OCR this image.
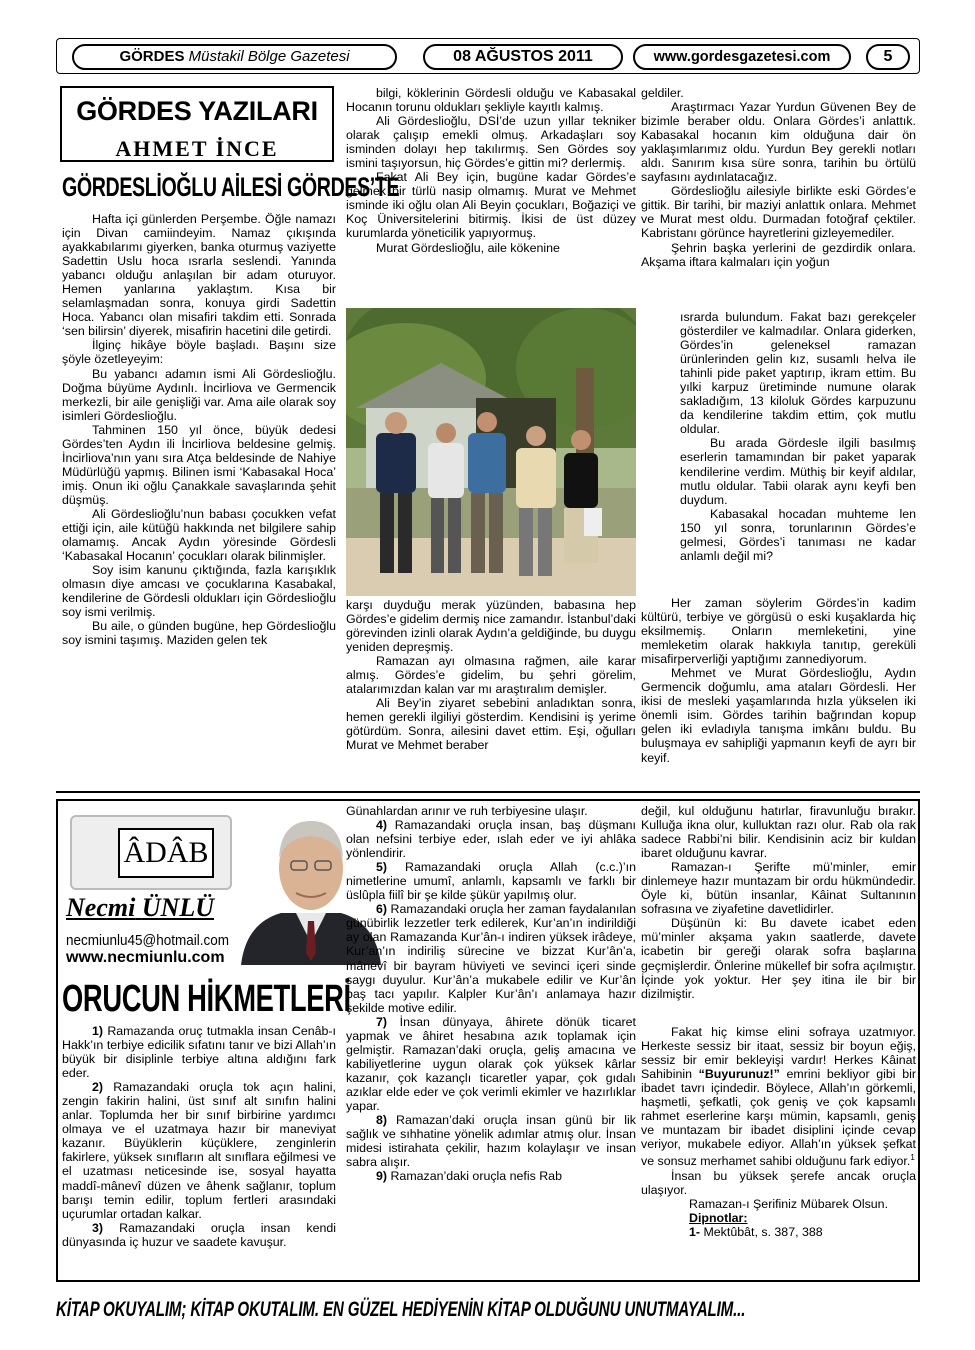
GÖRDES Müstakil Bölge Gazetesi	08 AĞUSTOS 2011	www.gordesgazetesi.com	5
GÖRDES YAZILARI
AHMET İNCE
GÖRDESLİOĞLU AİLESİ GÖRDES’TE

Hafta içi günlerden Perşembe. Öğle namazı için Divan camiindeyim. Namaz çıkışında ayakkabılarımı giyerken, banka oturmuş vaziyette Sadettin Uslu hoca ısrarla seslendi. Yanında yabancı olduğu anlaşılan bir adam oturuyor. Hemen yanlarına yaklaştım. Kısa bir selamlaşmadan sonra, konuya girdi Sadettin Hoca. Yabancı olan misafiri takdim etti. Sonrada ‘sen bilirsin’ diyerek, misafirin hacetini dile getirdi.

İlginç hikâye böyle başladı. Başını size şöyle özetleyeyim:

Bu yabancı adamın ismi Ali Gördeslioğlu. Doğma büyüme Aydınlı. İncirliova ve Germencik merkezli, bir aile genişliği var. Ama aile olarak soy isimleri Gördeslioğlu.

Tahminen 150 yıl önce, büyük dedesi Gördes’ten Aydın ili İncirliova beldesine gelmiş. İncirliova’nın yanı sıra Atça beldesinde de Nahiye Müdürlüğü yapmış. Bilinen ismi ‘Kabasakal Hoca’ imiş. Onun iki oğlu Çanakkale savaşlarında şehit düşmüş.

Ali Gördeslioğlu’nun babası çocukken vefat ettiği için, aile kütüğü hakkında net bilgilere sahip olamamış. Ancak Aydın yöresinde Gördesli ‘Kabasakal Hocanın’ çocukları olarak bilinmişler.

Soy isim kanunu çıktığında, fazla karışıklık olmasın diye amcası ve çocuklarına Kasabakal, kendilerine de Gördesli oldukları için Gördeslioğlu soy ismi verilmiş.

Bu aile, o günden bugüne, hep Gördeslioğlu soy ismini taşımış. Maziden gelen tek

bilgi, köklerinin Gördesli olduğu ve Kabasakal Hocanın torunu oldukları şekliyle kayıtlı kalmış.

Ali Gördeslioğlu, DSİ’de uzun yıllar tekniker olarak çalışıp emekli olmuş. Arkadaşları soy isminden dolayı hep takılırmış. Sen Gördes soy ismini taşıyorsun, hiç Gördes’e gittin mi? derlermiş.

Fakat Ali Bey için, bugüne kadar Gördes’e gelmek bir türlü nasip olmamış. Murat ve Mehmet isminde iki oğlu olan Ali Beyin çocukları, Boğaziçi ve Koç Üniversitelerini bitirmiş. İkisi de üst düzey kurumlarda yöneticilik yapıyormuş.

Murat Gördeslioğlu, aile kökenine

karşı duyduğu merak yüzünden, babasına hep Gördes’e gidelim dermiş nice zamandır. İstanbul’daki görevinden izinli olarak Aydın’a geldiğinde, bu duygu yeniden depreşmiş.

Ramazan ayı olmasına rağmen, aile karar almış. Gördes’e gidelim, bu şehri görelim, atalarımızdan kalan var mı araştıralım demişler.

Ali Bey’in ziyaret sebebini anladıktan sonra, hemen gerekli ilgiliyi gösterdim. Kendisini iş yerime götürdüm. Sonra, ailesini davet ettim. Eşi, oğulları Murat ve Mehmet beraber

geldiler.

Araştırmacı Yazar Yurdun Güvenen Bey de bizimle beraber oldu. Onlara Gördes’i anlattık. Kabasakal hocanın kim olduğuna dair ön yaklaşımlarımız oldu. Yurdun Bey gerekli notları aldı. Sanırım kısa süre sonra, tarihin bu örtülü sayfasını aydınlatacağız.

Gördeslioğlu ailesiyle birlikte eski Gördes’e gittik. Bir tarihi, bir maziyi anlattık onlara. Mehmet ve Murat mest oldu. Durmadan fotoğraf çektiler. Kabristanı görünce hayretlerini gizleyemediler.

Şehrin başka yerlerini de gezdirdik onlara. Akşama iftara kalmaları için yoğun

ısrarda bulundum. Fakat bazı gerekçeler gösterdiler ve kalmadılar. Onlara giderken, Gördes’in geleneksel ramazan ürünlerinden gelin kız, susamlı helva ile tahinli pide paket yaptırıp, ikram ettim. Bu yılki karpuz üretiminde numune olarak sakladığım, 13 kiloluk Gördes karpuzunu da kendilerine takdim ettim, çok mutlu oldular.

Bu arada Gördesle ilgili basılmış eserlerin tamamından bir paket yaparak kendilerine verdim. Müthiş bir keyif aldılar, mutlu oldular. Tabii olarak aynı keyfi ben duydum.

Kabasakal hocadan muhteme len 150 yıl sonra, torunlarının Gördes’e gelmesi, Gördes’i tanıması ne kadar anlamlı değil mi?

Her zaman söylerim Gördes’in kadim kültürü, terbiye ve görgüsü o eski kuşaklarda hiç eksilmemiş. Onların memleketini, yine memleketim olarak hakkıyla tanıtıp, gereküli misafirperverliği yaptığımı zannediyorum.

Mehmet ve Murat Gördeslioğlu, Aydın Germencik doğumlu, ama ataları Gördesli. Her ikisi de mesleki yaşamlarında hızla yükselen iki önemli isim. Gördes tarihin bağrından kopup gelen iki evladıyla tanışma imkânı buldu. Bu buluşmaya ev sahipliği yapmanın keyfi de ayrı bir keyif.

ÂDÂB
Necmi ÜNLÜ
necmiunlu45@hotmail.com
www.necmiunlu.com
ORUCUN HİKMETLERİ

1) Ramazanda oruç tutmakla insan Cenâb-ı Hakk’ın terbiye edicilik sıfatını tanır ve bizi Allah’ın büyük bir disiplinle terbiye altına aldığını fark eder.

2) Ramazandaki oruçla tok açın halini, zengin fakirin halini, üst sınıf alt sınıfın halini anlar. Toplumda her bir sınıf birbirine yardımcı olmaya ve el uzatmaya hazır bir maneviyat kazanır. Büyüklerin küçüklere, zenginlerin fakirlere, yüksek sınıfların alt sınıflara eğilmesi ve el uzatması neticesinde ise, sosyal hayatta maddî-mânevî düzen ve âhenk sağlanır, toplum barışı temin edilir, toplum fertleri arasındaki uçurumlar ortadan kalkar.

3) Ramazandaki oruçla insan kendi dünyasında iç huzur ve saadete kavuşur.

Günahlardan arınır ve ruh terbiyesine ulaşır.

4) Ramazandaki oruçla insan, baş düşmanı olan nefsini terbiye eder, ıslah eder ve iyi ahlâka yönlendirir.

5) Ramazandaki oruçla Allah (c.c.)’ın nimetlerine umumî, anlamlı, kapsamlı ve farklı bir üslûpla fiilî bir şe kilde şükür yapılmış olur.

6) Ramazandaki oruçla her zaman faydalanılan günübirlik lezzetler terk edilerek, Kur’an’ın indirildiği ay olan Ramazanda Kur’ân-ı indiren yüksek irâdeye, Kur’an’ın indiriliş sürecine ve bizzat Kur’ân’a, mânevî bir bayram hüviyeti ve sevinci içeri sinde saygı duyulur. Kur’ân’a mukabele edilir ve Kur’ân baş tacı yapılır. Kalpler Kur’ân’ı anlamaya hazır şekilde motive edilir.

7) İnsan dünyaya, âhirete dönük ticaret yapmak ve âhiret hesabına azık toplamak için gelmiştir. Ramazan’daki oruçla, geliş amacına ve kabiliyetlerine uygun olarak çok yüksek kârlar kazanır, çok kazançlı ticaretler yapar, çok gıdalı azıklar elde eder ve çok verimli ekimler ve hazırlıklar yapar.

8) Ramazan’daki oruçla insan günü bir lik sağlık ve sıhhatine yönelik adımlar atmış olur. İnsan midesi istirahata çekilir, hazım kolaylaşır ve insan sabra alışır.

9) Ramazan’daki oruçla nefis Rab

değil, kul olduğunu hatırlar, firavunluğu bırakır. Kulluğa ikna olur, kulluktan razı olur. Rab ola rak sadece Rabbi’ni bilir. Kendisinin aciz bir kuldan ibaret olduğunu kavrar.

Ramazan-ı Şerifte mü’minler, emir dinlemeye hazır muntazam bir ordu hükmündedir. Öyle ki, bütün insanlar, Kâinat Sultanının sofrasına ve ziyafetine davetlidirler.

Düşünün ki: Bu davete icabet eden mü’minler akşama yakın saatlerde, davete icabetin bir gereği olarak sofra başlarına geçmişlerdir. Önlerine mükellef bir sofra açılmıştır. İçinde yok yoktur. Her şey itina ile bir bir dizilmiştir.

Fakat hiç kimse elini sofraya uzatmıyor. Herkeste sessiz bir itaat, sessiz bir boyun eğiş, sessiz bir emir bekleyişi vardır! Herkes Kâinat Sahibinin “Buyurunuz!” emrini bekliyor gibi bir ibadet tavrı içindedir. Böylece, Allah’ın görkemli, haşmetli, şefkatli, çok geniş ve çok kapsamlı rahmet eserlerine karşı mümin, kapsamlı, geniş ve muntazam bir ibadet disiplini içinde cevap veriyor, mukabele ediyor. Allah’ın yüksek şefkat ve sonsuz merhamet sahibi olduğunu fark ediyor.$^1$

İnsan bu yüksek şerefe ancak oruçla ulaşıyor.

Ramazan-ı Şerifiniz Mübarek Olsun.

Dipnotlar:

1- Mektûbât, s. 387, 388

KİTAP OKUYALIM; KİTAP OKUTALIM. EN GÜZEL HEDİYENİN KİTAP OLDUĞUNU UNUTMAYALIM...
